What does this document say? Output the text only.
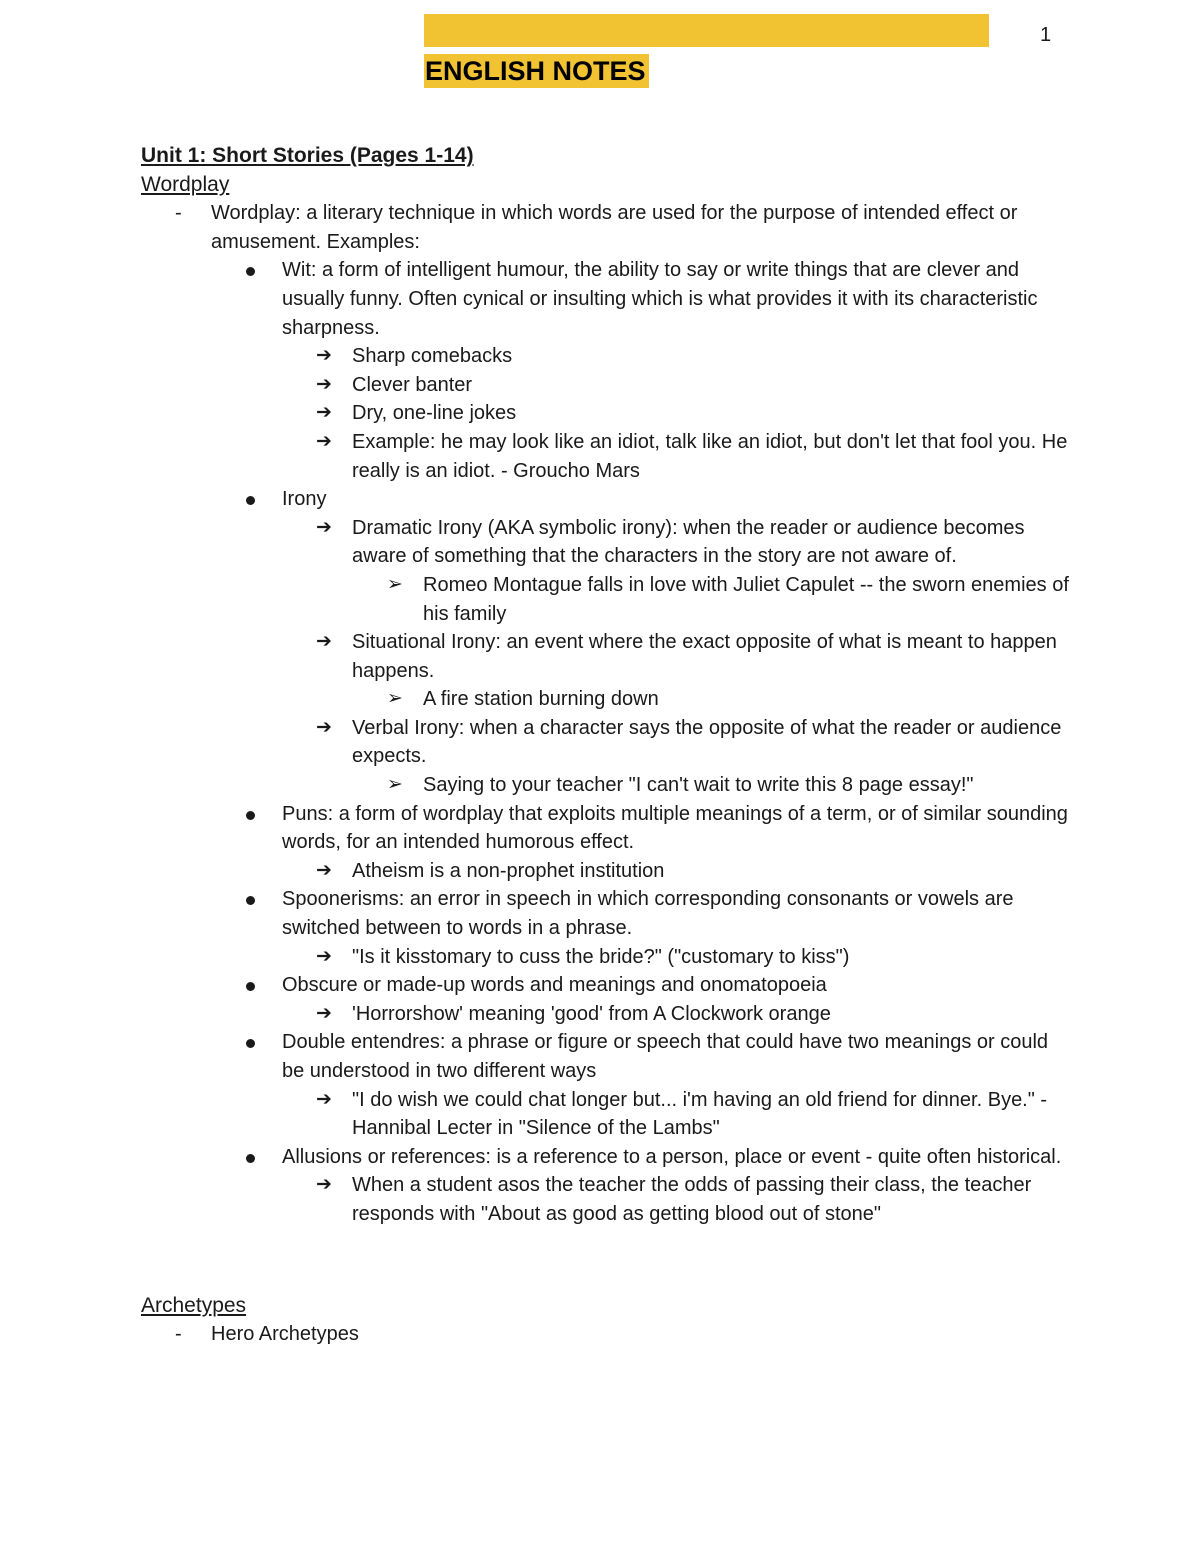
1
ENGLISH NOTES
Unit 1: Short Stories (Pages 1-14)
Wordplay
- Wordplay: a literary technique in which words are used for the purpose of intended effect or amusement. Examples:
Wit: a form of intelligent humour, the ability to say or write things that are clever and usually funny. Often cynical or insulting which is what provides it with its characteristic sharpness.
➔ Sharp comebacks
➔ Clever banter
➔ Dry, one-line jokes
➔ Example: he may look like an idiot, talk like an idiot, but don't let that fool you. He really is an idiot. - Groucho Mars
Irony
➔ Dramatic Irony (AKA symbolic irony): when the reader or audience becomes aware of something that the characters in the story are not aware of.
➢ Romeo Montague falls in love with Juliet Capulet -- the sworn enemies of his family
➔ Situational Irony: an event where the exact opposite of what is meant to happen happens.
➢ A fire station burning down
➔ Verbal Irony: when a character says the opposite of what the reader or audience expects.
➢ Saying to your teacher "I can't wait to write this 8 page essay!"
Puns: a form of wordplay that exploits multiple meanings of a term, or of similar sounding words, for an intended humorous effect.
➔ Atheism is a non-prophet institution
Spoonerisms: an error in speech in which corresponding consonants or vowels are switched between to words in a phrase.
➔ "Is it kisstomary to cuss the bride?" ("customary to kiss")
Obscure or made-up words and meanings and onomatopoeia
➔ 'Horrorshow' meaning 'good' from A Clockwork orange
Double entendres: a phrase or figure or speech that could have two meanings or could be understood in two different ways
➔ "I do wish we could chat longer but... i'm having an old friend for dinner. Bye." - Hannibal Lecter in "Silence of the Lambs"
Allusions or references: is a reference to a person, place or event - quite often historical.
➔ When a student asos the teacher the odds of passing their class, the teacher responds with "About as good as getting blood out of stone"
Archetypes
- Hero Archetypes
